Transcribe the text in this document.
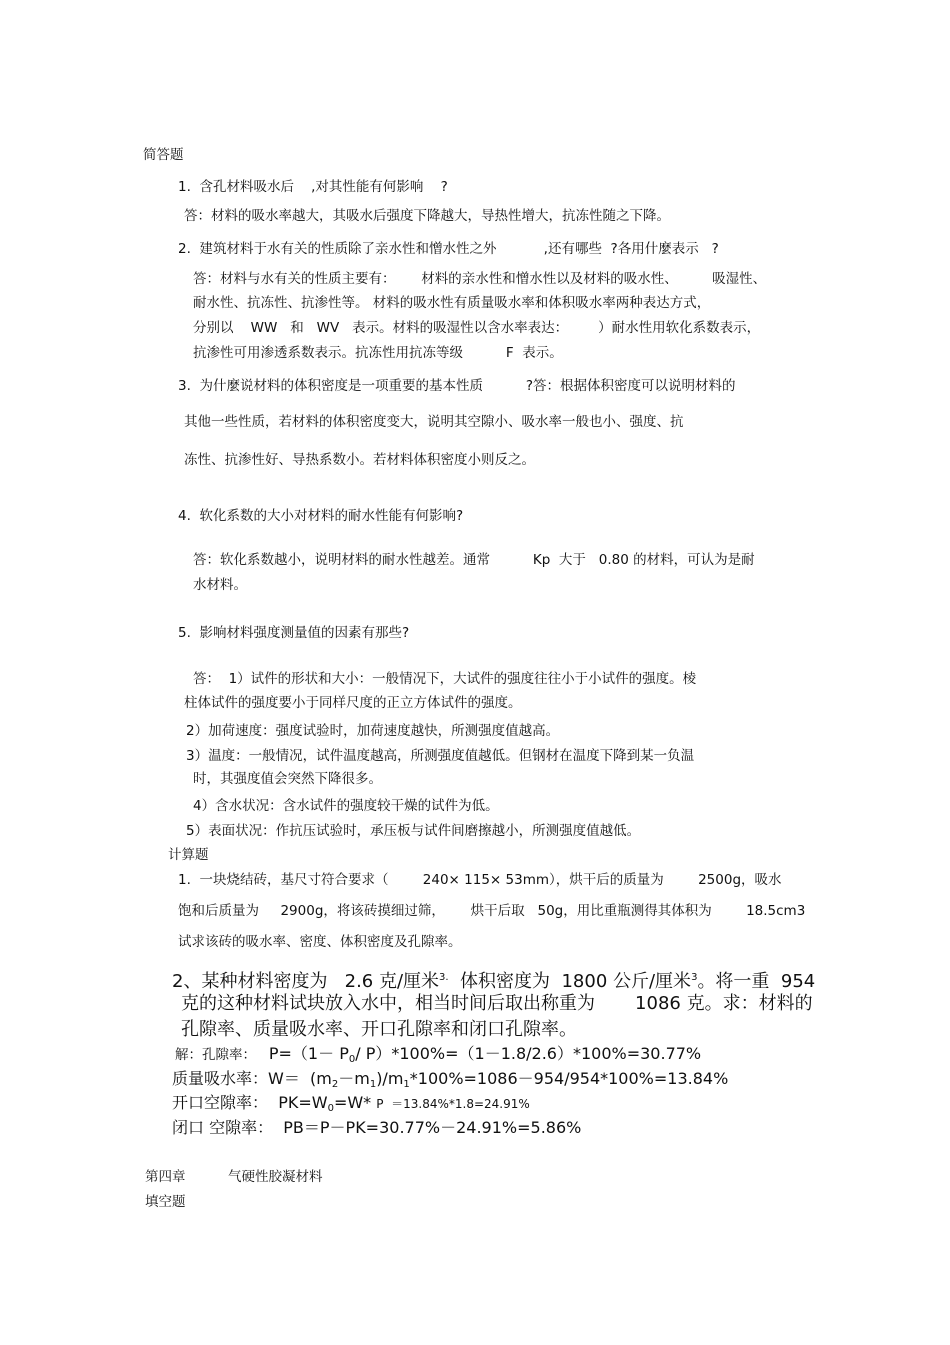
简答题
1.  含孔材料吸水后    ,对其性能有何影响    ?
答：材料的吸水率越大，其吸水后强度下降越大，导热性增大，抗冻性随之下降。
2.  建筑材料于水有关的性质除了亲水性和憎水性之外           ,还有哪些  ?各用什麼表示   ?
答：材料与水有关的性质主要有：      材料的亲水性和憎水性以及材料的吸水性、        吸湿性、
耐水性、抗冻性、抗渗性等。 材料的吸水性有质量吸水率和体积吸水率两种表达方式，
分别以    WW   和   WV   表示。材料的吸湿性以含水率表达：       ）耐水性用软化系数表示，
抗渗性可用渗透系数表示。抗冻性用抗冻等级          F  表示。
3.  为什麼说材料的体积密度是一项重要的基本性质          ?答：根据体积密度可以说明材料的
其他一些性质，若材料的体积密度变大，说明其空隙小、吸水率一般也小、强度、抗
冻性、抗渗性好、导热系数小。若材料体积密度小则反之。
4.  软化系数的大小对材料的耐水性能有何影响?
答：软化系数越小，说明材料的耐水性越差。通常          Kp  大于   0.80 的材料，可认为是耐
水材料。
5.  影响材料强度测量值的因素有那些?
答：  1）试件的形状和大小：一般情况下，大试件的强度往往小于小试件的强度。棱
柱体试件的强度要小于同样尺度的正立方体试件的强度。
2）加荷速度：强度试验时，加荷速度越快，所测强度值越高。
3）温度：一般情况，试件温度越高，所测强度值越低。但钢材在温度下降到某一负温
时，其强度值会突然下降很多。
4）含水状况：含水试件的强度较干燥的试件为低。
5）表面状况：作抗压试验时，承压板与试件间磨擦越小，所测强度值越低。
计算题
1.  一块烧结砖，基尺寸符合要求（        240× 115× 53mm），烘干后的质量为        2500g，吸水
饱和后质量为     2900g，将该砖摸细过筛，      烘干后取   50g，用比重瓶测得其体积为        18.5cm3
试求该砖的吸水率、密度、体积密度及孔隙率。
2、某种材料密度为   2.6 克/厘米$^{3.}$  体积密度为  1800 公斤/厘米$^3$。将一重  954
克的这种材料试块放入水中，相当时间后取出称重为       1086 克。求：材料的
孔隙率、质量吸水率、开口孔隙率和闭口孔隙率。
解：孔隙率：   $P=(1- P_0/$ P）*100%=（1－1.8/2.6）*100%=30.77%
质量吸水率：$W= (m_2-m_1)/m_1*100\%=1086-954/954*100\%=13.84\%$
开口空隙率：  $PK=W_0=W*$ P  ＝13.84%*1.8=24.91%
闭口 空隙率：  PB＝P－PK=30.77%－24.91%=5.86%
第四章	气硬性胶凝材料
填空题
